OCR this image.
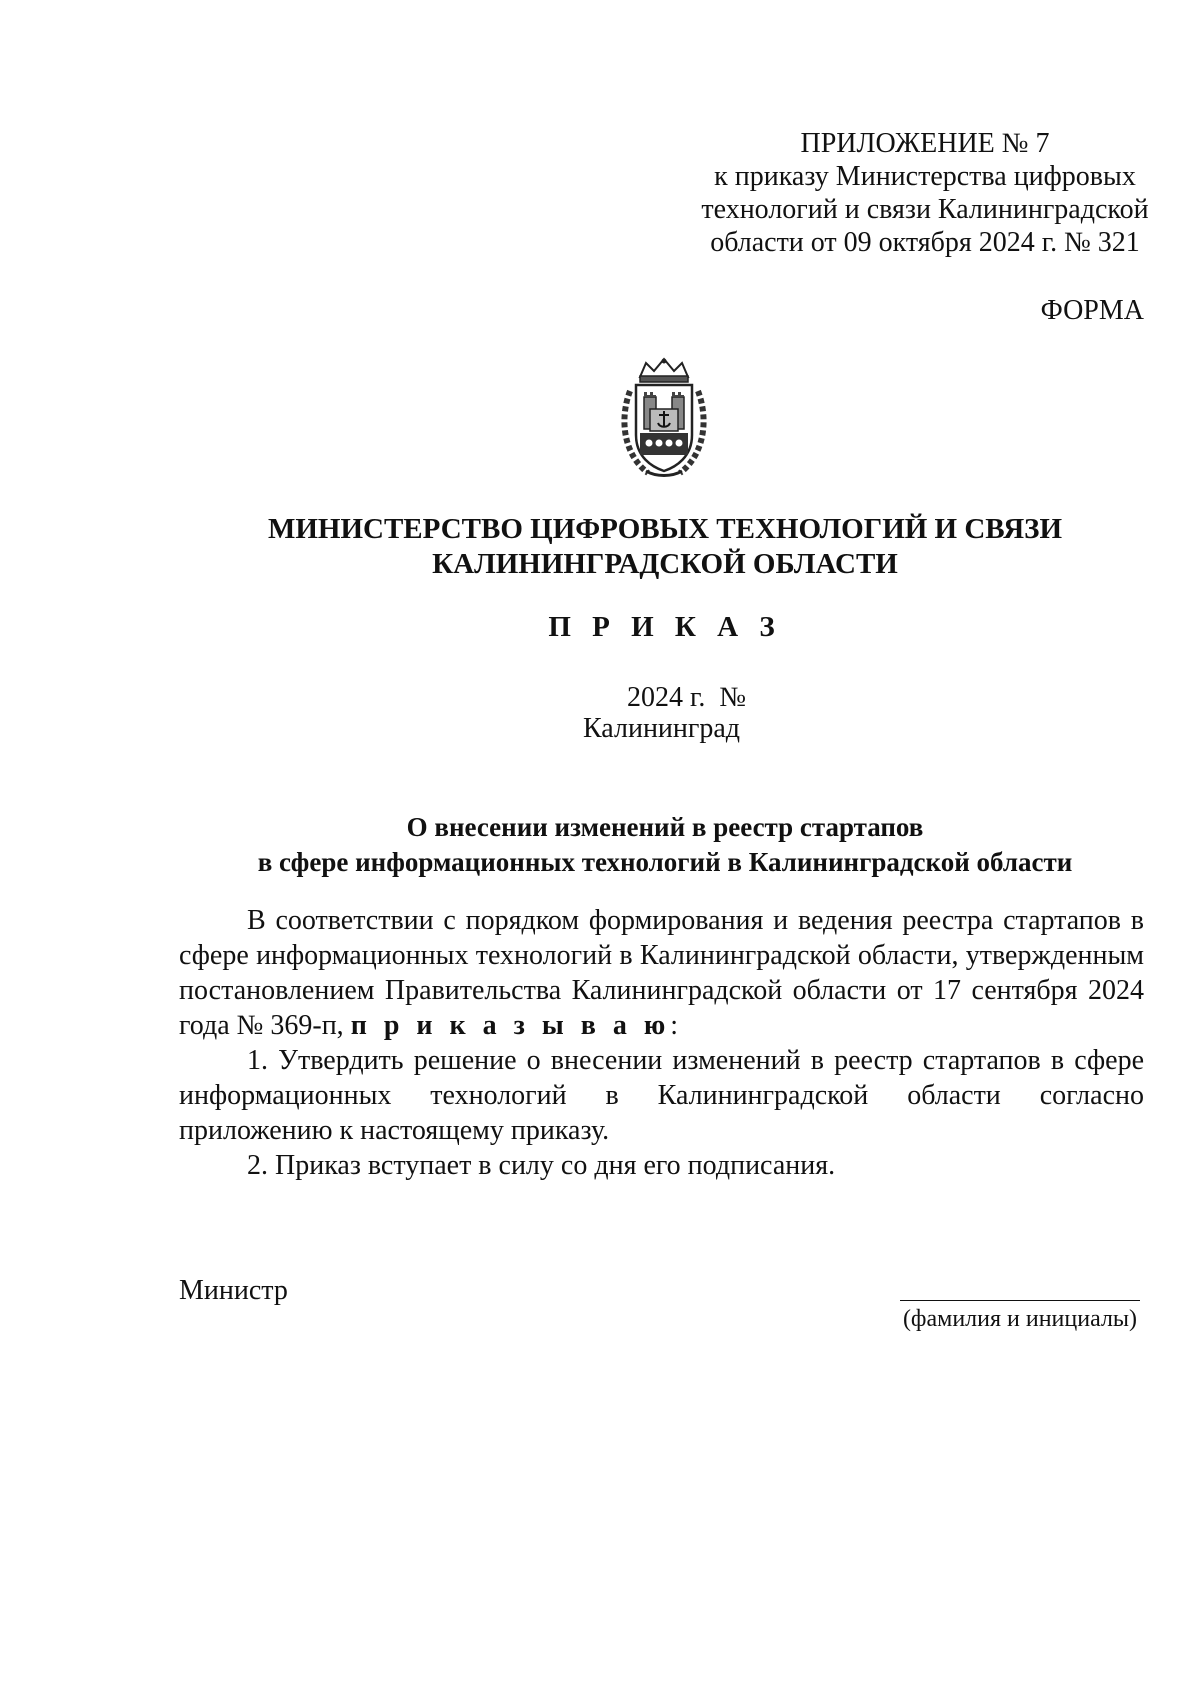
ПРИЛОЖЕНИЕ № 7
к приказу Министерства цифровых
технологий и связи Калининградской
области от 09 октября 2024 г. № 321
ФОРМА
МИНИСТЕРСТВО ЦИФРОВЫХ ТЕХНОЛОГИЙ И СВЯЗИ
КАЛИНИНГРАДСКОЙ ОБЛАСТИ
П Р И К А З
2024 г.  №
Калининград
О внесении изменений в реестр стартапов
в сфере информационных технологий в Калининградской области

В соответствии с порядком формирования и ведения реестра стартапов в сфере информационных технологий в Калининградской области, утвержденным постановлением Правительства Калининградской области от 17 сентября 2024 года № 369-п, п р и к а з ы в а ю:

1. Утвердить решение о внесении изменений в реестр стартапов в сфере информационных технологий в Калининградской области согласно приложению к настоящему приказу.

2. Приказ вступает в силу со дня его подписания.

Министр
(фамилия и инициалы)
